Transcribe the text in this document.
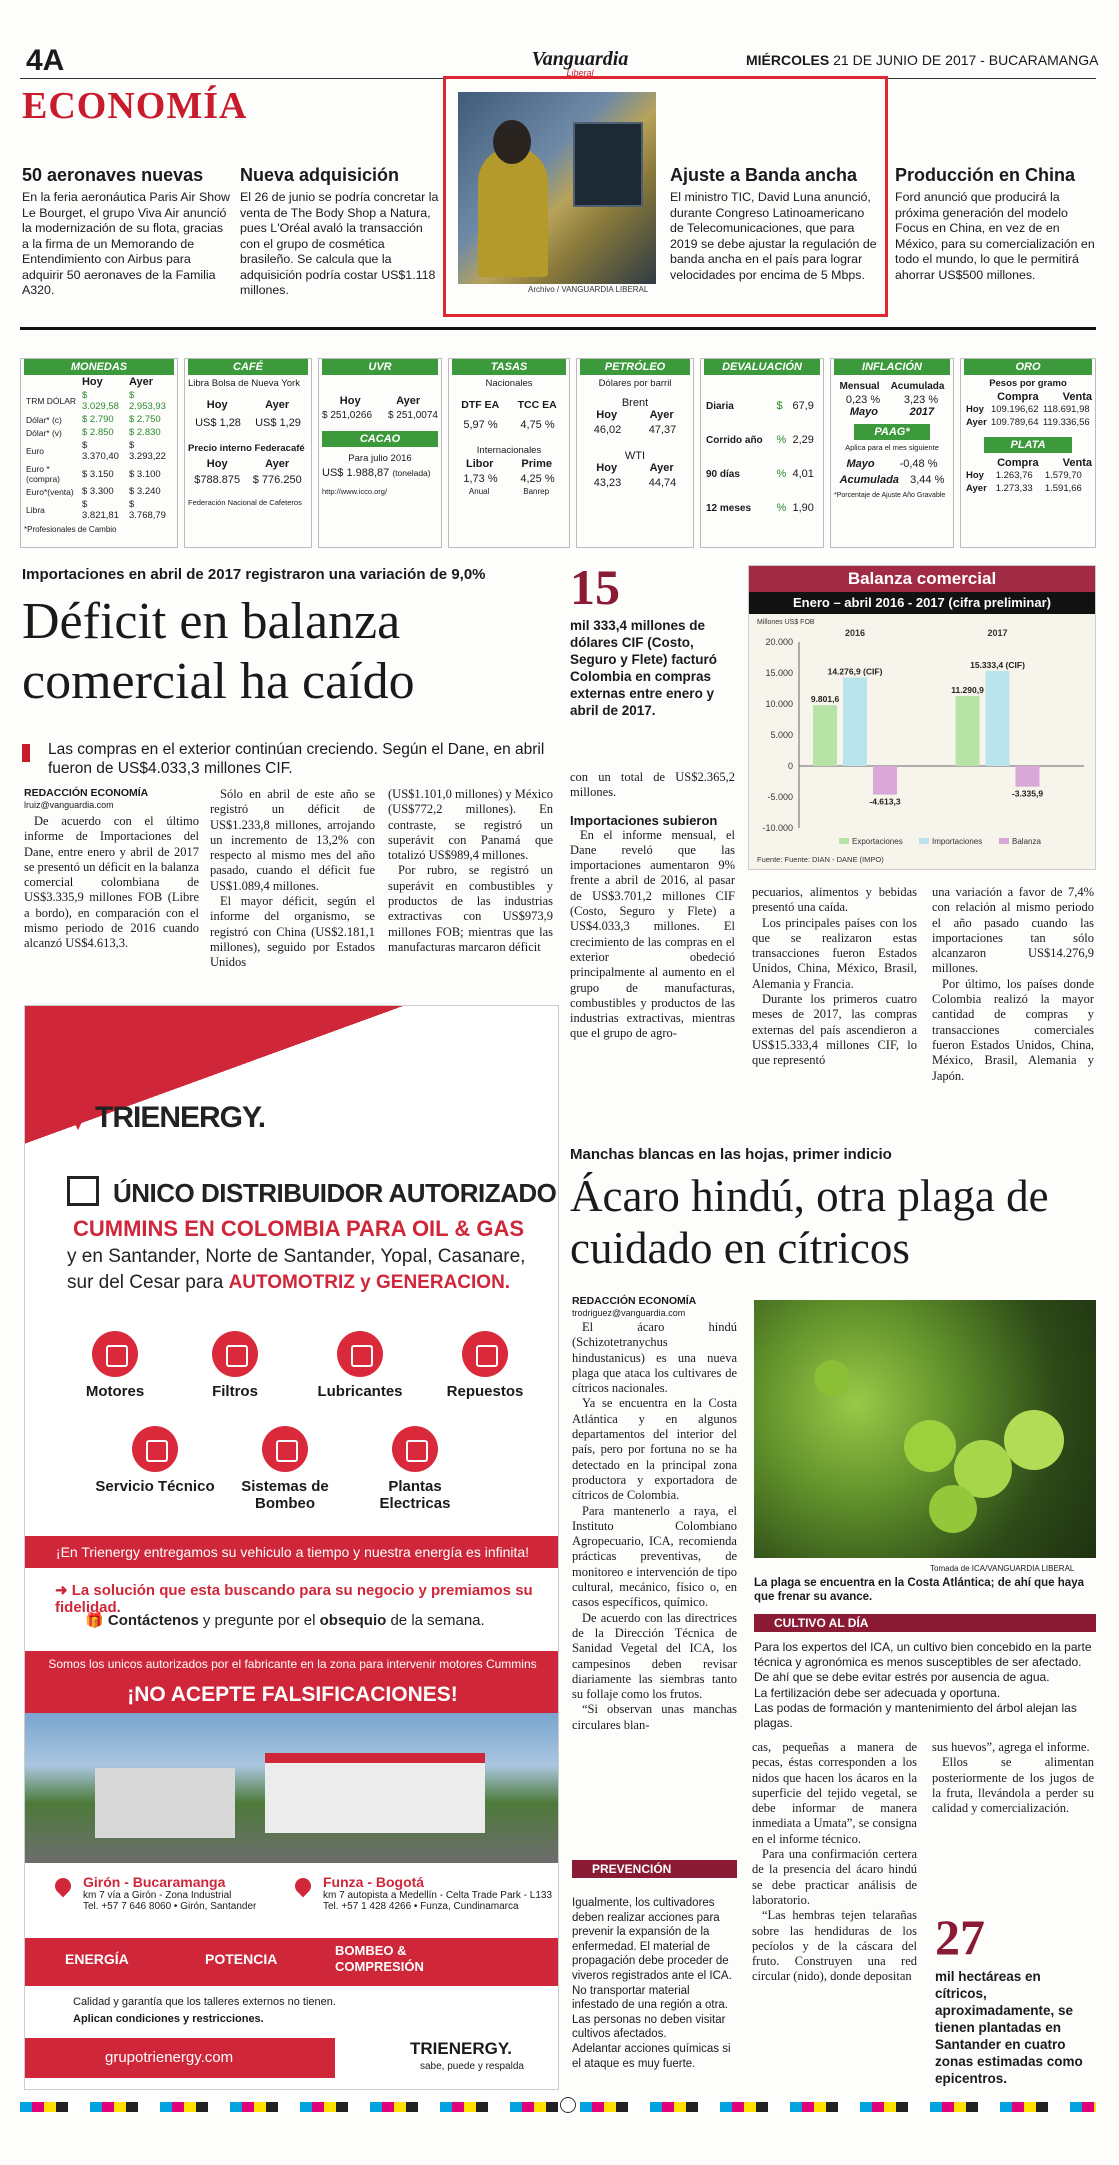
4A
ECONOMÍA
Vanguardia
Liberal
MIÉRCOLES 21 DE JUNIO DE 2017 - BUCARAMANGA
50 aeronaves nuevas
En la feria aeronáutica Paris Air Show Le Bourget, el grupo Viva Air anunció la modernización de su flota, gracias a la firma de un Memorando de Entendimiento con Airbus para adquirir 50 aeronaves de la Familia A320.
Nueva adquisición
El 26 de junio se podría concretar la venta de The Body Shop a Natura, pues L'Oréal avaló la transacción con el grupo de cosmética brasileño. Se calcula que la adquisición podría costar US$1.118 millones.	Archivo / VANGUARDIA LIBERAL
Ajuste a Banda ancha
El ministro TIC, David Luna anunció, durante Congreso Latinoamericano de Telecomunicaciones, que para 2019 se debe ajustar la regulación de banda ancha en el país para lograr velocidades por encima de 5 Mbps.
Producción en China
Ford anunció que producirá la próxima generación del modelo Focus en China, en vez de en México, para su comercialización en todo el mundo, lo que le permitirá ahorrar US$500 millones.
MONEDAS
	Hoy	Ayer
TRM DÓLAR	$ 3.029,58	$ 2.953,93
Dólar* (c)	$ 2.790	$ 2.750
Dólar* (v)	$ 2.850	$ 2.830
Euro	$ 3.370,40	$ 3.293,22
Euro *(compra)	$ 3.150	$ 3.100
Euro*(venta)	$ 3.300	$ 3.240
Libra	$ 3.821,81	$ 3.768,79
*Profesionales de Cambio
CAFÉ
Libra Bolsa de Nueva York
Hoy	Ayer
US$ 1,28 US$ 1,29
Precio interno Federacafé
Hoy	Ayer
$788.875 $ 776.250
Federación Nacional de Cafeteros
UVR
Hoy	Ayer
$ 251,0266 $ 251,0074
CACAO
Para julio 2016
US$ 1.988,87 (tonelada)
http://www.icco.org/
TASAS
Nacionales
DTF EA TCC EA
5,97 % 4,75 %
Internacionales
Libor	Prime
1,73 % 4,25 %
Anual	Banrep
PETRÓLEO
Dólares por barril
Brent
Hoy	Ayer
46,02 47,37
WTI
Hoy	Ayer
43,23 44,74
DEVALUACIÓN
Diaria	$	67,9
Corrido año	%	2,29
90 días	%	4,01
12 meses	%	1,90
INFLACIÓN
Mensual Acumulada
0,23 % 3,23 %
Mayo	2017
PAAG*
Aplica para el mes siguiente
Mayo -0,48 %
Acumulada 3,44 %
*Porcentaje de Ajuste Año Gravable
ORO
Pesos por gramo
Compra Venta
Hoy	109.196,62	118.691,98
Ayer	109.789,64	119.336,56
PLATA
Compra Venta
Hoy	1.263,76	1.579,70
Ayer	1.273,33	1.591,66
Importaciones en abril de 2017 registraron una variación de 9,0%
Déficit en balanza comercial ha caído
Las compras en el exterior continúan creciendo. Según el Dane, en abril fueron de US$4.033,3 millones CIF.
REDACCIÓN ECONOMÍA
lruiz@vanguardia.com

De acuerdo con el último informe de Importaciones del Dane, entre enero y abril de 2017 se presentó un déficit en la balanza comercial colombiana de US$3.335,9 millones FOB (Libre a bordo), en comparación con el mismo periodo de 2016 cuando alcanzó US$4.613,3.

Sólo en abril de este año se registró un déficit de US$1.233,8 millones, arrojando un incremento de 13,2% con respecto al mismo mes del año pasado, cuando el déficit fue US$1.089,4 millones.

El mayor déficit, según el informe del organismo, se registró con China (US$2.181,1 millones), seguido por Estados Unidos

(US$1.101,0 millones) y México (US$772,2 millones). En contraste, se registró un superávit con Panamá que totalizó US$989,4 millones.

Por rubro, se registró un superávit en combustibles y productos de las industrias extractivas con US$973,9 millones FOB; mientras que las manufacturas marcaron déficit

con un total de US$2.365,2 millones.

Importaciones subieron

En el informe mensual, el Dane reveló que las importaciones aumentaron 9% frente a abril de 2016, al pasar de US$3.701,2 millones CIF (Costo, Seguro y Flete) a US$4.033,3 millones. El crecimiento de las compras en el exterior obedeció principalmente al aumento en el grupo de manufacturas, combustibles y productos de las industrias extractivas, mientras que el grupo de agro-

pecuarios, alimentos y bebidas presentó una caída.

Los principales países con los que se realizaron estas transacciones fueron Estados Unidos, China, México, Brasil, Alemania y Francia.

Durante los primeros cuatro meses de 2017, las compras externas del país ascendieron a US$15.333,4 millones CIF, lo que representó

una variación a favor de 7,4% con relación al mismo periodo el año pasado cuando las importaciones tan sólo alcanzaron US$14.276,9 millones.

Por último, los países donde Colombia realizó la mayor cantidad de compras y transacciones comerciales fueron Estados Unidos, China, México, Brasil, Alemania y Japón.

15
mil 333,4 millones de dólares CIF (Costo, Seguro y Flete) facturó Colombia en compras externas entre enero y abril de 2017.
Balanza comercial
Enero – abril 2016 - 2017 (cifra preliminar)
Millones US$ FOB
20.000
15.000
10.000
5.000
0
-5.000
-10.000
2016
9.801,6
14.276,9 (CIF)
-4.613,3
2017
11.290,9
15.333,4 (CIF)
-3.335,9
Exportaciones	Importaciones	Balanza
Fuente: Fuente: DIAN - DANE (IMPO)
TRIENERGY.
ÚNICO DISTRIBUIDOR AUTORIZADO
CUMMINS EN COLOMBIA PARA OIL & GAS
y en Santander, Norte de Santander, Yopal, Casanare,
sur del Cesar para AUTOMOTRIZ y GENERACION.
Motores	Filtros	Lubricantes	Repuestos
Servicio Técnico	Sistemas de Bombeo
Plantas Electricas
¡En Trienergy entregamos su vehiculo a tiempo y nuestra energía es infinita!
➜ La solución que esta buscando para su negocio y premiamos su fidelidad.
🎁 Contáctenos y pregunte por el obsequio de la semana.
Somos los unicos autorizados por el fabricante en la zona para intervenir motores Cummins
¡NO ACEPTE FALSIFICACIONES!
Girón - Bucaramanga
km 7 vía a Girón - Zona Industrial
Tel. +57 7 646 8060 • Girón, Santander
Funza - Bogotá
km 7 autopista a Medellín - Celta Trade Park - L133
Tel. +57 1 428 4266 • Funza, Cundinamarca
ENERGÍA	POTENCIA
BOMBEO & COMPRESIÓN
Calidad y garantía que los talleres externos no tienen.
Aplican condiciones y restricciones.
grupotrienergy.com	TRIENERGY.
sabe, puede y respalda
Manchas blancas en las hojas, primer indicio
Ácaro hindú, otra plaga de cuidado en cítricos
REDACCIÓN ECONOMÍA
trodriguez@vanguardia.com

El ácaro hindú (Schizotetranychus hindustanicus) es una nueva plaga que ataca los cultivares de cítricos nacionales.

Ya se encuentra en la Costa Atlántica y en algunos departamentos del interior del país, pero por fortuna no se ha detectado en la principal zona productora y exportadora de cítricos de Colombia.

Para mantenerlo a raya, el Instituto Colombiano Agropecuario, ICA, recomienda prácticas preventivas, de monitoreo e intervención de tipo cultural, mecánico, físico o, en casos específicos, químico.

De acuerdo con las directrices de la Dirección Técnica de Sanidad Vegetal del ICA, los campesinos deben revisar diariamente las siembras tanto su follaje como los frutos.

“Si observan unas manchas circulares blan-

Tomada de ICA/VANGUARDIA LIBERAL
La plaga se encuentra en la Costa Atlántica; de ahí que haya que frenar su avance.
CULTIVO AL DÍA
Para los expertos del ICA, un cultivo bien concebido en la parte técnica y agronómica es menos susceptibles de ser afectado.
De ahí que se debe evitar estrés por ausencia de agua.
La fertilización debe ser adecuada y oportuna.
Las podas de formación y mantenimiento del árbol alejan las plagas.
PREVENCIÓN
Igualmente, los cultivadores deben realizar acciones para prevenir la expansión de la enfermedad. El material de propagación debe proceder de viveros registrados ante el ICA.
No transportar material infestado de una región a otra.
Las personas no deben visitar cultivos afectados.
Adelantar acciones químicas si el ataque es muy fuerte.

cas, pequeñas a manera de pecas, éstas corresponden a los nidos que hacen los ácaros en la superficie del tejido vegetal, se debe informar de manera inmediata a Umata”, se consigna en el informe técnico.

Para una confirmación certera de la presencia del ácaro hindú se debe practicar análisis de laboratorio.

“Las hembras tejen telarañas sobre las hendiduras de los pecíolos y de la cáscara del fruto. Construyen una red circular (nido), donde depositan

sus huevos”, agrega el informe.

Ellos se alimentan posteriormente de los jugos de la fruta, llevándola a perder su calidad y comercialización.

27
mil hectáreas en cítricos, aproximadamente, se tienen plantadas en Santander en cuatro zonas estimadas como epicentros.
